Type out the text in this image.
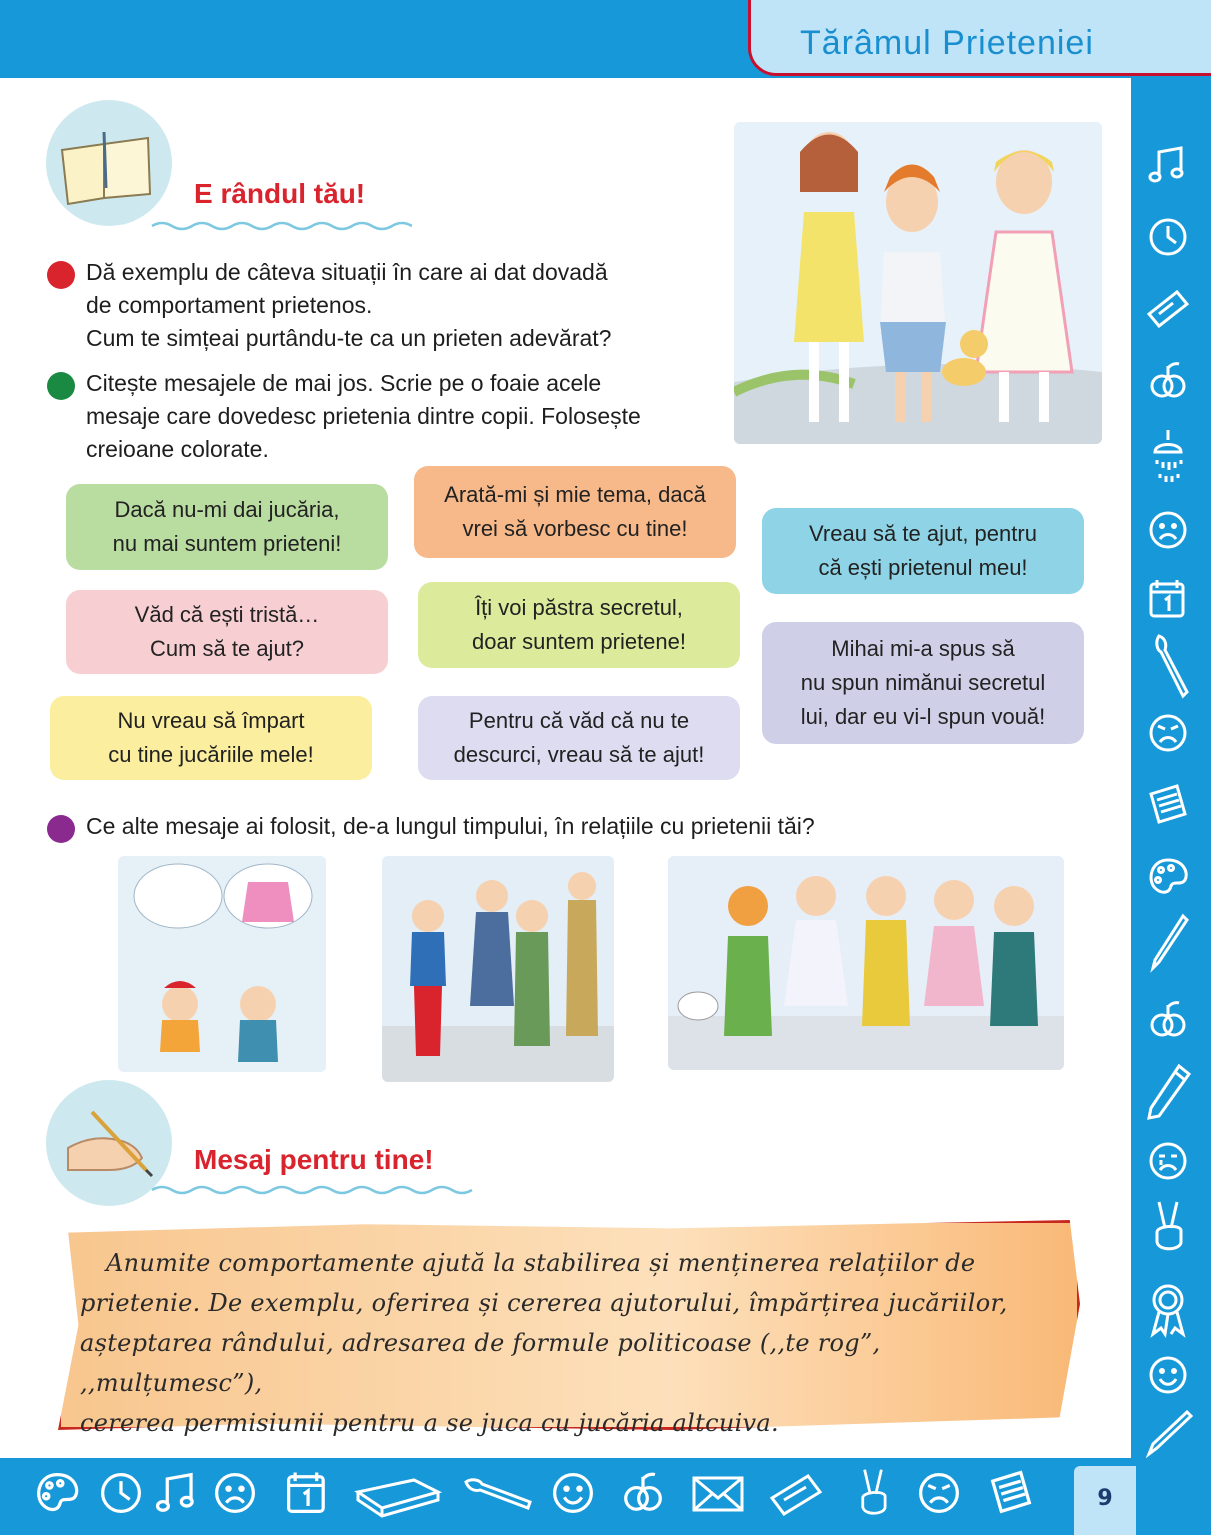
Tărâmul Prieteniei
9
E rândul tău!
Dă exemplu de câteva situații în care ai dat dovadă
de comportament prietenos.
Cum te simțeai purtându-te ca un prieten adevărat?
Citește mesajele de mai jos. Scrie pe o foaie acele
mesaje care dovedesc prietenia dintre copii. Folosește
creioane colorate.
Dacă nu-mi dai jucăria,
nu mai suntem prieteni!
Arată-mi și mie tema, dacă
vrei să vorbesc cu tine!	Vreau să te ajut, pentru
că ești prietenul meu!
Văd că ești tristă…
Cum să te ajut?
Îți voi păstra secretul,
doar suntem prietene!	Mihai mi-a spus să
nu spun nimănui secretul
lui, dar eu vi-l spun vouă!
Nu vreau să împart
cu tine jucăriile mele!
Pentru că văd că nu te
descurci, vreau să te ajut!
Ce alte mesaje ai folosit, de-a lungul timpului, în relațiile cu prietenii tăi?
Mesaj pentru tine!
Anumite comportamente ajută la stabilirea și menținerea relațiilor de
prietenie. De exemplu, oferirea și cererea ajutorului, împărțirea jucăriilor,
așteptarea rândului, adresarea de formule politicoase (,,te rog”, ,,mulțumesc”),
cererea permisiunii pentru a se juca cu jucăria altcuiva.
